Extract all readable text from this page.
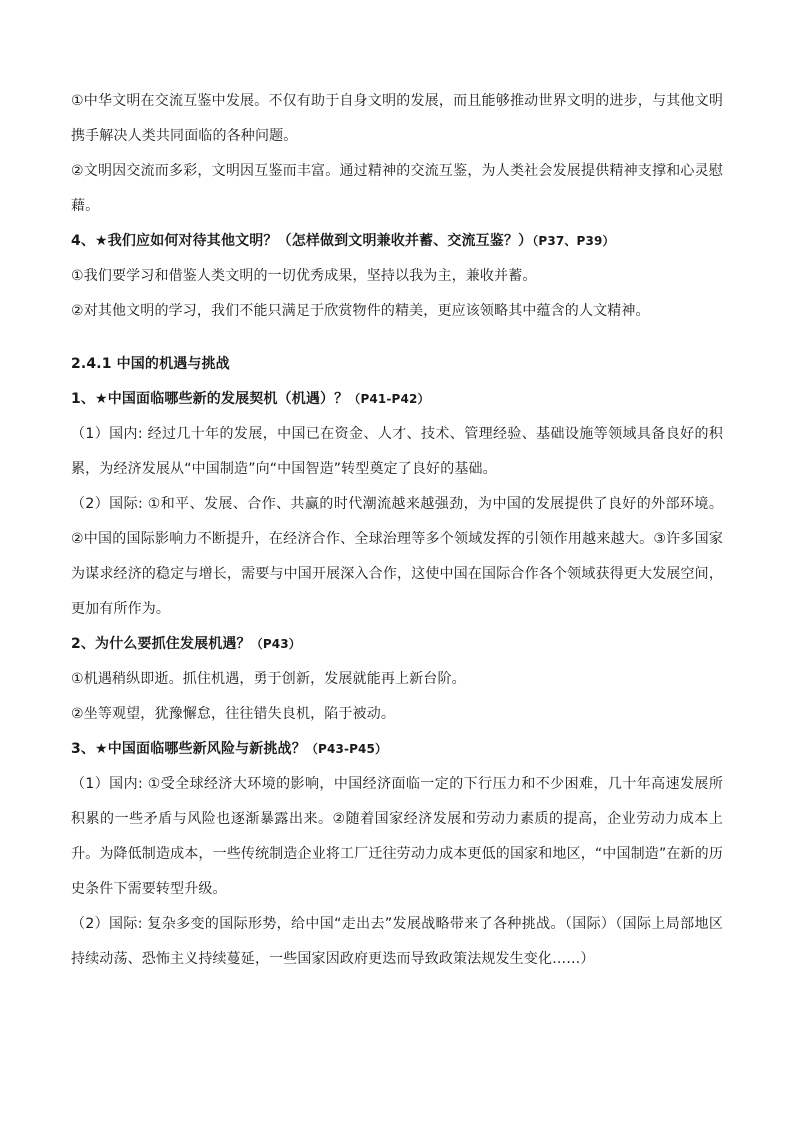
①中华文明在交流互鉴中发展。不仅有助于自身文明的发展，而且能够推动世界文明的进步，与其他文明携手解决人类共同面临的各种问题。

②文明因交流而多彩，文明因互鉴而丰富。通过精神的交流互鉴，为人类社会发展提供精神支撑和心灵慰藉。

4、★我们应如何对待其他文明？（怎样做到文明兼收并蓄、交流互鉴？）（P37、P39）

①我们要学习和借鉴人类文明的一切优秀成果，坚持以我为主，兼收并蓄。

②对其他文明的学习，我们不能只满足于欣赏物件的精美，更应该领略其中蕴含的人文精神。

2.4.1 中国的机遇与挑战

1、★中国面临哪些新的发展契机（机遇）？（P41-P42）

（1）国内: 经过几十年的发展，中国已在资金、人才、技术、管理经验、基础设施等领域具备良好的积累，为经济发展从“中国制造”向“中国智造”转型奠定了良好的基础。

（2）国际: ①和平、发展、合作、共赢的时代潮流越来越强劲，为中国的发展提供了良好的外部环境。②中国的国际影响力不断提升，在经济合作、全球治理等多个领域发挥的引领作用越来越大。③许多国家为谋求经济的稳定与增长，需要与中国开展深入合作，这使中国在国际合作各个领域获得更大发展空间，更加有所作为。

2、为什么要抓住发展机遇？（P43）

①机遇稍纵即逝。抓住机遇，勇于创新，发展就能再上新台阶。

②坐等观望，犹豫懈怠，往往错失良机，陷于被动。

3、★中国面临哪些新风险与新挑战？（P43-P45）

（1）国内: ①受全球经济大环境的影响，中国经济面临一定的下行压力和不少困难，几十年高速发展所积累的一些矛盾与风险也逐渐暴露出来。②随着国家经济发展和劳动力素质的提高，企业劳动力成本上升。为降低制造成本，一些传统制造企业将工厂迁往劳动力成本更低的国家和地区，“中国制造”在新的历史条件下需要转型升级。

（2）国际: 复杂多变的国际形势，给中国“走出去”发展战略带来了各种挑战。（国际）（国际上局部地区持续动荡、恐怖主义持续蔓延，一些国家因政府更迭而导致政策法规发生变化……）
